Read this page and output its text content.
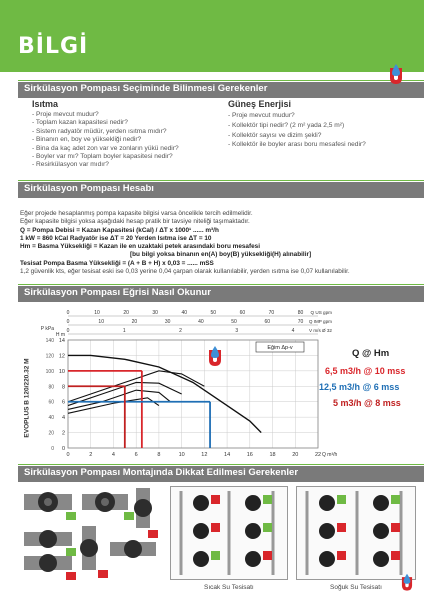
BİLGİ
Sirkülasyon Pompası Seçiminde Bilinmesi Gerekenler
Isıtma
- Proje mevcut mudur?
- Toplam kazan kapasitesi nedir?
- Sistem radyatör müdür, yerden ısıtma mıdır?
- Binanın en, boy ve yüksekliği nedir?
- Bina da kaç adet zon var ve zonların yükü nedir?
- Boyler var mı? Toplam boyler kapasitesi nedir?
- Resirkülasyon var mıdır?
Güneş Enerjisi
- Proje mevcut mudur?
- Kollektör tipi nedir? (2 m² yada 2,5 m²)
- Kollektör sayısı ve dizim şekli?
- Kollektör ile boyler arası boru mesafesi nedir?
Sirkülasyon Pompası Hesabı
Eğer projede hesaplanmış pompa kapasite bilgisi varsa öncelikle tercih edilmelidir.
Eğer kapasite bilgisi yoksa aşağıdaki hesap pratik bir tavsiye niteliği taşımaktadır.
Q = Pompa Debisi = Kazan Kapasitesi (kCal) / ΔT x 1000¹ ...... m³/h
1 kW = 860 kCal Radyatör ise ΔT = 20 Yerden Isıtma ise ΔT = 10
Hm = Basma Yüksekliği = Kazan ile en uzaktaki petek arasındaki boru mesafesi
[bu bilgi yoksa binanın en(A) boy(B) yüksekliği(H) alınabilir]
Tesisat Pompa Basma Yüksekliği = (A + B + H) x 0,03 = ...... mSS
1,2 güvenlik kts, eğer tesisat eski ise 0,03 yerine 0,04 çarpan olarak kullanılabilir, yerden ısıtma ise 0,07 kullanılabilir.
Sirkülasyon Pompası Eğrisi Nasıl Okunur
0	2	4	6	8	10	12	14	16	18	20	22 Q m³/h
0
2
4
6
8
10
12
14
0
20
40
60
80
100
120
140
P kPa
H m
0	10	20	30	40	50	60	70	80 Q US gpm
0	10	20	30	40	50	60	70 Q IMP gpm
0	1	2	3	4	V m/s Ø 32
Eğim Δp-v
EVOPLUS B 120/220.32 M
Q @ Hm
6,5 m3/h @ 10 mss
12,5 m3/h @ 6 mss
5 m3/h @ 8 mss
Sirkülasyon Pompası Montajında Dikkat Edilmesi Gerekenler
Sıcak Su Tesisatı	Soğuk Su Tesisatı
